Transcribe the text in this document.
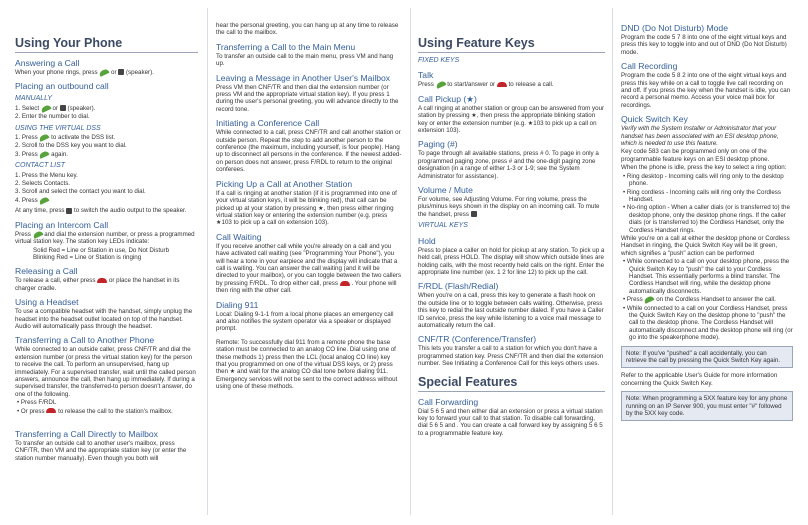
Using Your Phone
Answering a Call
When your phone rings, press or (speaker).
Placing an outbound call
MANUALLY
1. Select or (speaker).
2. Enter the number to dial.
USING THE VIRTUAL DSS
1. Press to activate the DSS list.
2. Scroll to the DSS key you want to dial.
3. Press again.
CONTACT LIST
1. Press the Menu key.
2. Selects Contacts.
3. Scroll and select the contact you want to dial.
4. Press
At any time, press to switch the audio output to the speaker.
Placing an Intercom Call
Press and dial the extension number, or press a programmed virtual station key. The station key LEDs indicate:
Solid Red = Line or Station in use, Do Not Disturb
Blinking Red = Line or Station is ringing
Releasing a Call
To release a call, either press or place the handset in its charger cradle.
Using a Headset
To use a compatible headset with the handset, simply unplug the headset into the headset outlet located on top of the handset. Audio will automatically pass through the headset.
Transferring a Call to Another Phone
While connected to an outside caller, press CNF/TR and dial the extension number (or press the virtual station key) for the person to receive the call. To perform an unsupervised, hang up immediately. For a supervised transfer, wait until the called person answers, announce the call, then hang up immediately. If during a supervised transfer, the transferred-to person doesn't answer, do one of the following.
• Press F/RDL
• Or press to release the call to the station's mailbox.
Transferring a Call Directly to Mailbox
To transfer an outside call to another user's mailbox, press CNF/TR, then VM and the appropriate station key (or enter the station number manually). Even though you both will
hear the personal greeting, you can hang up at any time to release the call to the mailbox.
Transferring a Call to the Main Menu
To transfer an outside call to the main menu, press VM and hang up.
Leaving a Message in Another User's Mailbox
Press VM then CNF/TR and then dial the extension number (or press VM and the appropriate virtual station key). If you press 1 during the user's personal greeting, you will advance directly to the record tone.
Initiating a Conference Call
While connected to a call, press CNF/TR and call another station or outside person. Repeat the step to add another person to the conference (the maximum, including yourself, is four people). Hang up to disconnect all persons in the conference. If the newest added-on person does not answer, press F/RDL to return to the original conferees.
Picking Up a Call at Another Station
If a call is ringing at another station (if it is programmed into one of your virtual station keys, it will be blinking red), that call can be picked up at your station by pressing ★, then press either ringing virtual station key or entering the extension number (e.g. press ★103 to pick up a call on extension 103).
Call Waiting
If you receive another call while you're already on a call and you have activated call waiting (see "Programming Your Phone"), you will hear a tone in your earpiece and the display will indicate that a call is waiting. You can answer the call waiting (and it will be directed to your mailbox), or you can toggle between the two callers by pressing F/RDL. To drop either call, press . Your phone will then ring with the other call.
Dialing 911
Local: Dialing 9-1-1 from a local phone places an emergency call and also notifies the system operator via a speaker or displayed prompt.
Remote: To successfully dial 911 from a remote phone the base station must be connected to an analog CO line. Dial using one of these methods 1) press then the LCL (local analog CO line) key that you programmed on one of the virtual DSS keys, or 2) press then ★ and wait for the analog CO dial tone before dialing 911. Emergency services will not be sent to the correct address without using one of these methods.
Using Feature Keys
FIXED KEYS
Talk
Press to start/answer or to release a call.
Call Pickup (★)
A call ringing at another station or group can be answered from your station by pressing ★, then press the appropriate blinking station key or enter the extension number (e.g. ★103 to pick up a call on extension 103).
Paging (#)
To page through all available stations, press # 0. To page in only a programmed paging zone, press # and the one-digit paging zone designation (in a range of either 1-3 or 1-9; see the System Administrator for assistance).
Volume / Mute
For volume, see Adjusting Volume. For ring volume, press the plus/minus keys shown in the display on an incoming call. To mute the handset, press
VIRTUAL KEYS
Hold
Press to place a caller on hold for pickup at any station. To pick up a held call, press HOLD. The display will show which outside lines are holding calls, with the most recently held calls on the right. Enter the appropriate line number (ex. 1 2 for line 12) to pick up the call.
F/RDL (Flash/Redial)
When you're on a call, press this key to generate a flash hook on the outside line or to toggle between calls waiting. Otherwise, press this key to redial the last outside number dialed. If you have a Caller ID service, press the key while listening to a voice mail message to automatically return the call.
CNF/TR (Conference/Transfer)
This lets you transfer a call to a station for which you don't have a programmed station key. Press CNF/TR and then dial the extension number. See Initiating a Conference Call for this keys others uses.
Special Features
Call Forwarding
Dial 5 6 5 and then either dial an extension or press a virtual station key to forward your call to that station. To disable call forwarding, dial 5 6 5 and . You can create a call forward key by assigning 5 6 5 to a programmable feature key.
DND (Do Not Disturb) Mode
Program the code 5 7 8 into one of the eight virtual keys and press this key to toggle into and out of DND (Do Not Disturb) mode.
Call Recording
Program the code 5 8 2 into one of the eight virtual keys and press this key while on a call to toggle live call recording on and off. If you press the key when the handset is idle, you can record a personal memo. Access your voice mail box for recordings.
Quick Switch Key
Verify with the System Installer or Administrator that your handset has been associated with an ESI desktop phone, which is needed to use this feature.
Key code 583 can be programmed only on one of the programmable feature keys on an ESI desktop phone.
When the phone is idle, press the key to select a ring option:
• Ring desktop - Incoming calls will ring only to the desktop phone.
• Ring cordless - Incoming calls will ring only the Cordless Handset.
• No-ring option - When a caller dials (or is transferred to) the desktop phone, only the desktop phone rings. If the caller dials (or is transferred to) the Cordless Handset, only the Cordless Handset rings.
While you're on a call at either the desktop phone or Cordless Handset in ringing, the Quick Switch Key will be lit green, which signifies a "push" action can be performed
• While connected to a call on your desktop phone, press the Quick Switch Key to "push" the call to your Cordless Handset. This essentially performs a blind transfer. The Cordless Handset will ring, while the desktop phone automatically disconnects.
• Press on the Cordless Handset to answer the call.
• While connected to a call on your Cordless Handset, press the Quick Switch Key on the desktop phone to "push" the call to the desktop phone. The Cordless Handset will automatically disconnect and the desktop phone will ring (or go into the speakerphone mode).
Note: If you've "pushed" a call accidentally, you can retrieve the call by pressing the Quick Switch Key again.
Refer to the applicable User's Guide for more information concerning the Quick Switch Key.
Note: When programming a 5XX feature key for any phone running on an IP Server 900, you must enter "#" followed by the 5XX key code.
